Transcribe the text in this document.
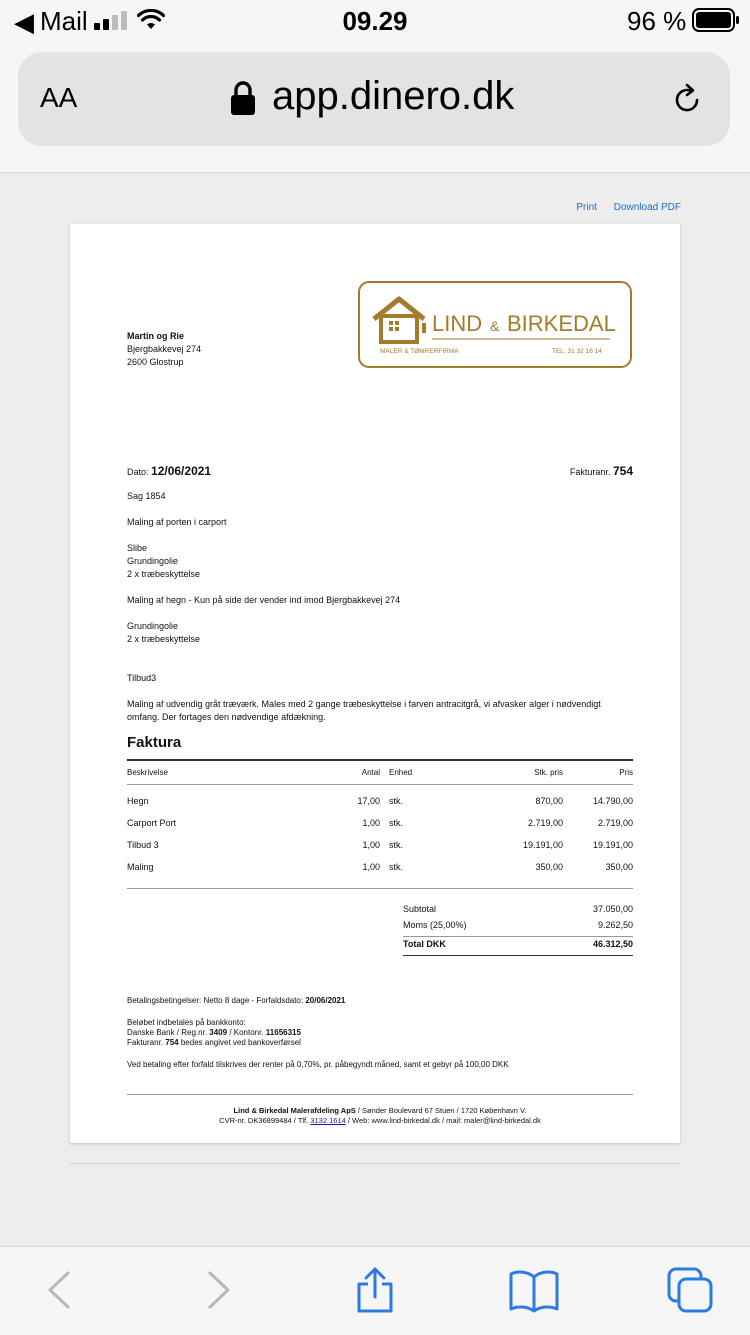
◀ Mail	09.29	96 %
AA	app.dinero.dk
Print Download PDF
Martin og Rie
Bjergbakkevej 274
2600 Glostrup
LIND & BIRKEDAL
MALER & TØMRERFIRMA	TEL: 31 32 16 14
Dato: 12/06/2021	Fakturanr. 754

Sag 1854

Maling af porten i carport

Slibe

Grundingolie

2 x træbeskyttelse

Maling af hegn - Kun på side der vender ind imod Bjergbakkevej 274

Grundingolie

2 x træbeskyttelse

Tilbud3

Maling af udvendig gråt træværk. Males med 2 gange træbeskyttelse i farven antracitgrå, vi afvasker alger i nødvendigt omfang. Der fortages den nødvendige afdækning.

Faktura
Beskrivelse	Antal Enhed	Stk. pris	Pris
Hegn	17,00 stk.	870,00	14.790,00
Carport Port	1,00 stk.	2.719,00	2.719,00
Tilbud 3	1,00 stk.	19.191,00	19.191,00
Maling	1,00 stk.	350,00	350,00
Subtotal	37.050,00
Moms (25,00%)	9.262,50
Total DKK	46.312,50

Betalingsbetingelser: Netto 8 dage - Forfaldsdato: 20/06/2021

Beløbet indbetales på bankkonto:
Danske Bank / Reg.nr. 3409 / Kontonr. 11656315
Fakturanr. 754 bedes angivet ved bankoverførsel

Ved betaling efter forfald tilskrives der renter på 0,70%, pr. påbegyndt måned, samt et gebyr på 100,00 DKK

Lind & Birkedal Malerafdeling ApS / Sønder Boulevard 67 Stuen / 1720 København V.
CVR-nr. DK36899484 / Tlf. 3132 1614 / Web: www.lind-birkedal.dk / mail: maler@lind-birkedal.dk
